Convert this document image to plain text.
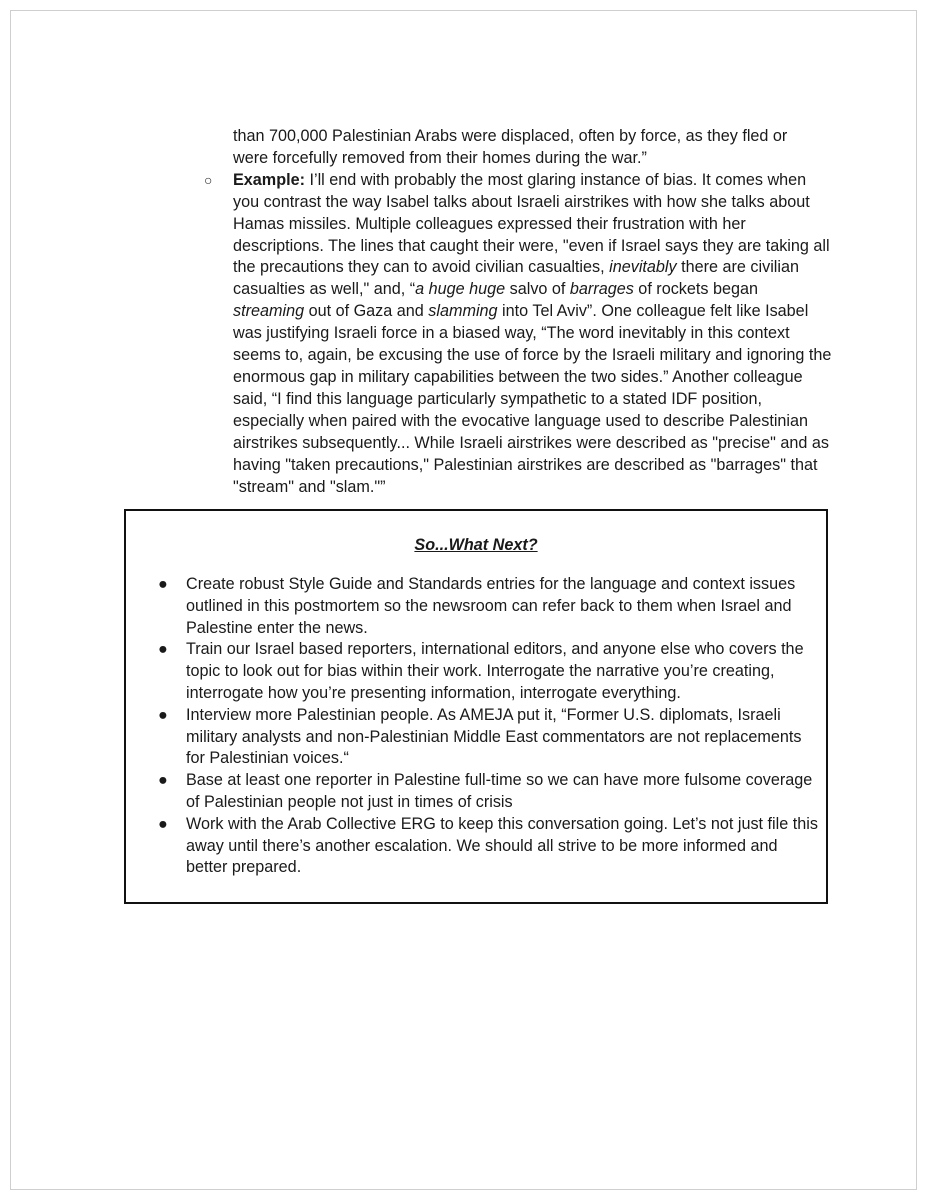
than 700,000 Palestinian Arabs were displaced, often by force, as they fled or

were forcefully removed from their homes during the war.”

○ Example: I’ll end with probably the most glaring instance of bias. It comes when you contrast the way Isabel talks about Israeli airstrikes with how she talks about Hamas missiles. Multiple colleagues expressed their frustration with her descriptions. The lines that caught their were, "even if Israel says they are taking all the precautions they can to avoid civilian casualties, inevitably there are civilian casualties as well," and, “a huge huge salvo of barrages of rockets began streaming out of Gaza and slamming into Tel Aviv”. One colleague felt like Isabel was justifying Israeli force in a biased way, “The word inevitably in this context seems to, again, be excusing the use of force by the Israeli military and ignoring the enormous gap in military capabilities between the two sides.” Another colleague said, “I find this language particularly sympathetic to a stated IDF position, especially when paired with the evocative language used to describe Palestinian airstrikes subsequently... While Israeli airstrikes were described as "precise" and as having "taken precautions," Palestinian airstrikes are described as "barrages" that "stream" and "slam."”

So...What Next?
● Create robust Style Guide and Standards entries for the language and context issues outlined in this postmortem so the newsroom can refer back to them when Israel and Palestine enter the news.
● Train our Israel based reporters, international editors, and anyone else who covers the topic to look out for bias within their work. Interrogate the narrative you’re creating, interrogate how you’re presenting information, interrogate everything.
● Interview more Palestinian people. As AMEJA put it, “Former U.S. diplomats, Israeli military analysts and non-Palestinian Middle East commentators are not replacements for Palestinian voices.“
● Base at least one reporter in Palestine full-time so we can have more fulsome coverage of Palestinian people not just in times of crisis
● Work with the Arab Collective ERG to keep this conversation going. Let’s not just file this away until there’s another escalation. We should all strive to be more informed and better prepared.
